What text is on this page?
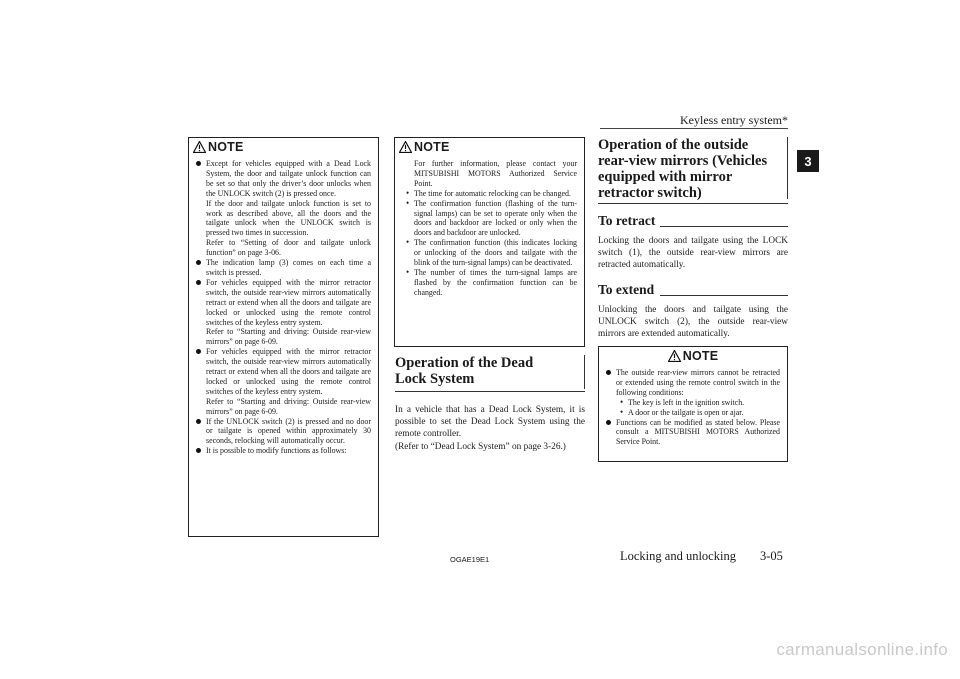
Keyless entry system*
3
NOTE

Except for vehicles equipped with a Dead Lock System, the door and tailgate unlock function can be set so that only the driver’s door unlocks when the UNLOCK switch (2) is pressed once.

If the door and tailgate unlock function is set to work as described above, all the doors and the tailgate unlock when the UNLOCK switch is pressed two times in succession.

Refer to “Setting of door and tailgate unlock function” on page 3-06.

The indication lamp (3) comes on each time a switch is pressed.

For vehicles equipped with the mirror retractor switch, the outside rear-view mirrors automatically retract or extend when all the doors and tailgate are locked or unlocked using the remote control switches of the keyless entry system.

Refer to “Starting and driving: Outside rear-view mirrors” on page 6-09.

For vehicles equipped with the mirror retractor switch, the outside rear-view mirrors automatically retract or extend when all the doors and tailgate are locked or unlocked using the remote control switches of the keyless entry system.

Refer to “Starting and driving: Outside rear-view mirrors” on page 6-09.

If the UNLOCK switch (2) is pressed and no door or tailgate is opened within approximately 30 seconds, relocking will automatically occur.

It is possible to modify functions as follows:

NOTE

For further information, please contact your MITSUBISHI MOTORS Authorized Service Point.

• The time for automatic relocking can be changed.
• The confirmation function (flashing of the turn-signal lamps) can be set to operate only when the doors and backdoor are locked or only when the doors and backdoor are unlocked.
• The confirmation function (this indicates locking or unlocking of the doors and tailgate with the blink of the turn-signal lamps) can be deactivated.
• The number of times the turn-signal lamps are flashed by the confirmation function can be changed.
Operation of the Dead Lock System

In a vehicle that has a Dead Lock System, it is possible to set the Dead Lock System using the remote controller.

(Refer to “Dead Lock System” on page 3-26.)

Operation of the outside rear-view mirrors (Vehicles equipped with mirror retractor switch)
To retract
Locking the doors and tailgate using the LOCK switch (1), the outside rear-view mirrors are retracted automatically.
To extend
Unlocking the doors and tailgate using the UNLOCK switch (2), the outside rear-view mirrors are extended automatically.
NOTE

The outside rear-view mirrors cannot be retracted or extended using the remote control switch in the following conditions:

• The key is left in the ignition switch.
• A door or the tailgate is open or ajar.

Functions can be modified as stated below. Please consult a MITSUBISHI MOTORS Authorized Service Point.

OGAE19E1	Locking and unlocking 3-05
carmanualsonline.info
